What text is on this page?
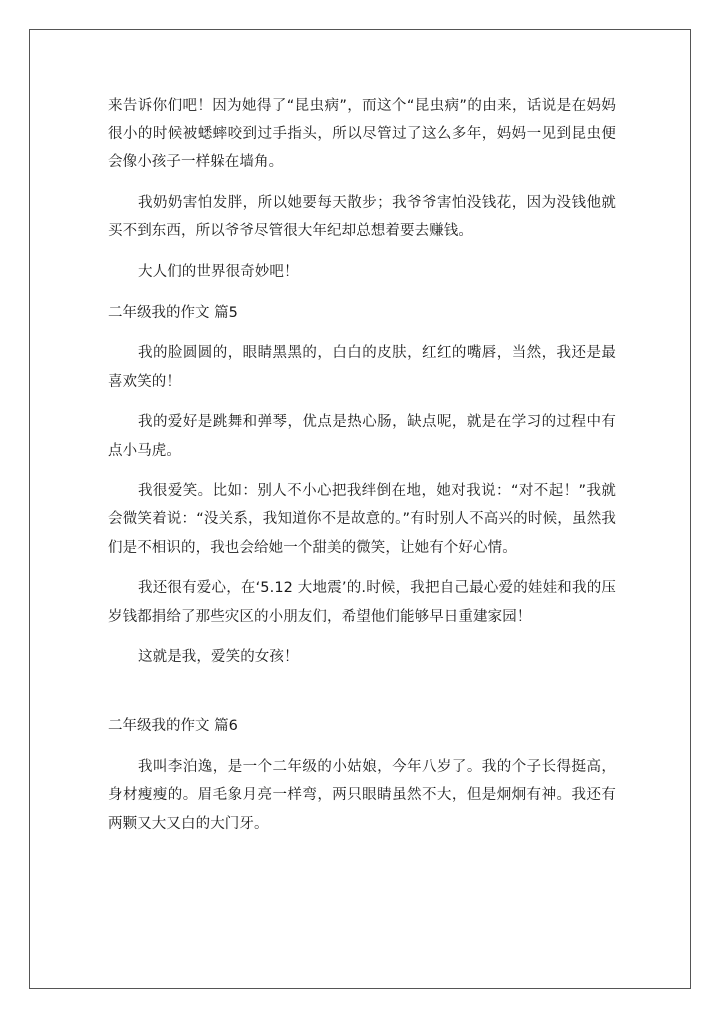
来告诉你们吧！因为她得了“昆虫病”，而这个“昆虫病”的由来，话说是在妈妈很小的时候被蟋蟀咬到过手指头，所以尽管过了这么多年，妈妈一见到昆虫便会像小孩子一样躲在墙角。

我奶奶害怕发胖，所以她要每天散步；我爷爷害怕没钱花，因为没钱他就买不到东西，所以爷爷尽管很大年纪却总想着要去赚钱。

大人们的世界很奇妙吧！

二年级我的作文 篇5

我的脸圆圆的，眼睛黑黑的，白白的皮肤，红红的嘴唇，当然，我还是最喜欢笑的！

我的爱好是跳舞和弹琴，优点是热心肠，缺点呢，就是在学习的过程中有点小马虎。

我很爱笑。比如：别人不小心把我绊倒在地，她对我说：“对不起！”我就会微笑着说：“没关系，我知道你不是故意的。”有时别人不高兴的时候，虽然我们是不相识的，我也会给她一个甜美的微笑，让她有个好心情。

我还很有爱心，在‘5.12 大地震’的.时候，我把自己最心爱的娃娃和我的压岁钱都捐给了那些灾区的小朋友们，希望他们能够早日重建家园！

这就是我，爱笑的女孩！

二年级我的作文 篇6

我叫李泊逸，是一个二年级的小姑娘，今年八岁了。我的个子长得挺高，身材瘦瘦的。眉毛象月亮一样弯，两只眼睛虽然不大，但是炯炯有神。我还有两颗又大又白的大门牙。
